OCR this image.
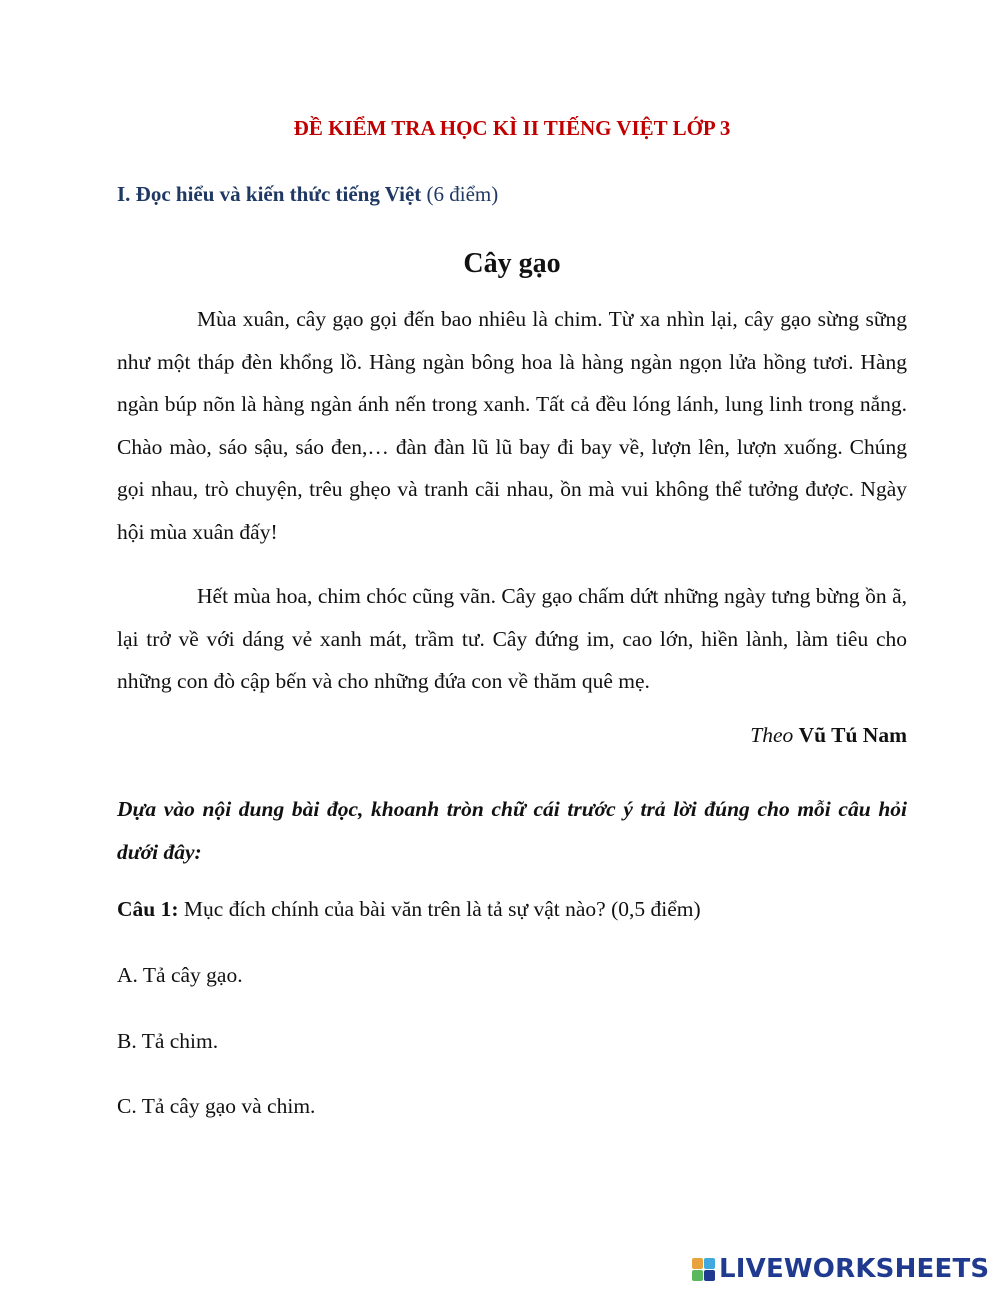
ĐỀ KIỂM TRA HỌC KÌ II TIẾNG VIỆT LỚP 3

I. Đọc hiểu và kiến thức tiếng Việt (6 điểm)

Cây gạo

Mùa xuân, cây gạo gọi đến bao nhiêu là chim. Từ xa nhìn lại, cây gạo sừng sững như một tháp đèn khổng lồ. Hàng ngàn bông hoa là hàng ngàn ngọn lửa hồng tươi. Hàng ngàn búp nõn là hàng ngàn ánh nến trong xanh. Tất cả đều lóng lánh, lung linh trong nắng. Chào mào, sáo sậu, sáo đen,… đàn đàn lũ lũ bay đi bay về, lượn lên, lượn xuống. Chúng gọi nhau, trò chuyện, trêu ghẹo và tranh cãi nhau, ồn mà vui không thể tưởng được. Ngày hội mùa xuân đấy!

Hết mùa hoa, chim chóc cũng vãn. Cây gạo chấm dứt những ngày tưng bừng ồn ã, lại trở về với dáng vẻ xanh mát, trầm tư. Cây đứng im, cao lớn, hiền lành, làm tiêu cho những con đò cập bến và cho những đứa con về thăm quê mẹ.

Theo Vũ Tú Nam

Dựa vào nội dung bài đọc, khoanh tròn chữ cái trước ý trả lời đúng cho mỗi câu hỏi dưới đây:

Câu 1: Mục đích chính của bài văn trên là tả sự vật nào? (0,5 điểm)

A. Tả cây gạo.

B. Tả chim.

C. Tả cây gạo và chim.

LIVEWORKSHEETS
